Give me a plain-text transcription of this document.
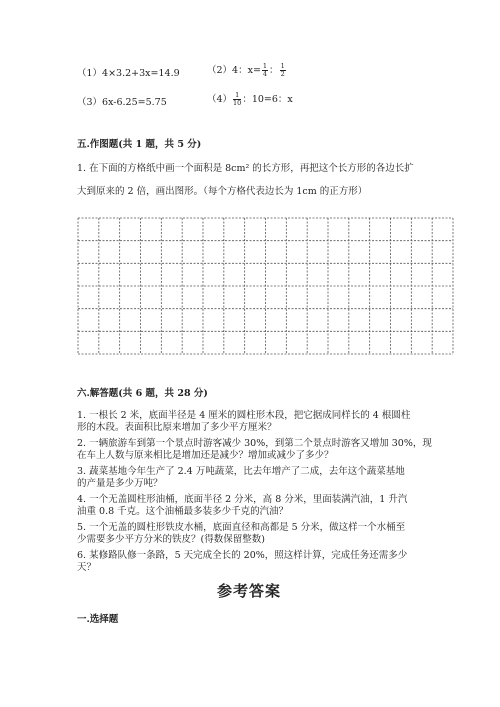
（1）4×3.2+3x=14.9	（2）4：$x= \frac{1}{4}$ ： $\frac{1}{2}$
（3）6x-6.25=5.75	$(4) \frac{1}{10}$ ：10=6：x
五.作图题(共 1 题，共 5 分)
1. 在下面的方格纸中画一个面积是 8cm² 的长方形，再把这个长方形的各边长扩
大到原来的 2 倍，画出图形。（每个方格代表边长为 1cm 的正方形）
六.解答题(共 6 题，共 28 分)
1. 一根长 2 米，底面半径是 4 厘米的圆柱形木段，把它据成同样长的 4 根圆柱
形的木段。表面积比原来增加了多少平方厘米？
2. 一辆旅游车到第一个景点时游客减少 30%，到第二个景点时游客又增加 30%，现
在车上人数与原来相比是增加还是减少？增加或减少了多少？
3. 蔬菜基地今年生产了 2.4 万吨蔬菜，比去年增产了二成，去年这个蔬菜基地
的产量是多少万吨？
4. 一个无盖圆柱形油桶，底面半径 2 分米，高 8 分米，里面装满汽油，1 升汽
油重 0.8 千克。这个油桶最多装多少千克的汽油？
5. 一个无盖的圆柱形铁皮水桶，底面直径和高都是 5 分米，做这样一个水桶至
少需要多少平方分米的铁皮？(得数保留整数)
6. 某修路队修一条路，5 天完成全长的 20%，照这样计算，完成任务还需多少
天？
参考答案
一.选择题
